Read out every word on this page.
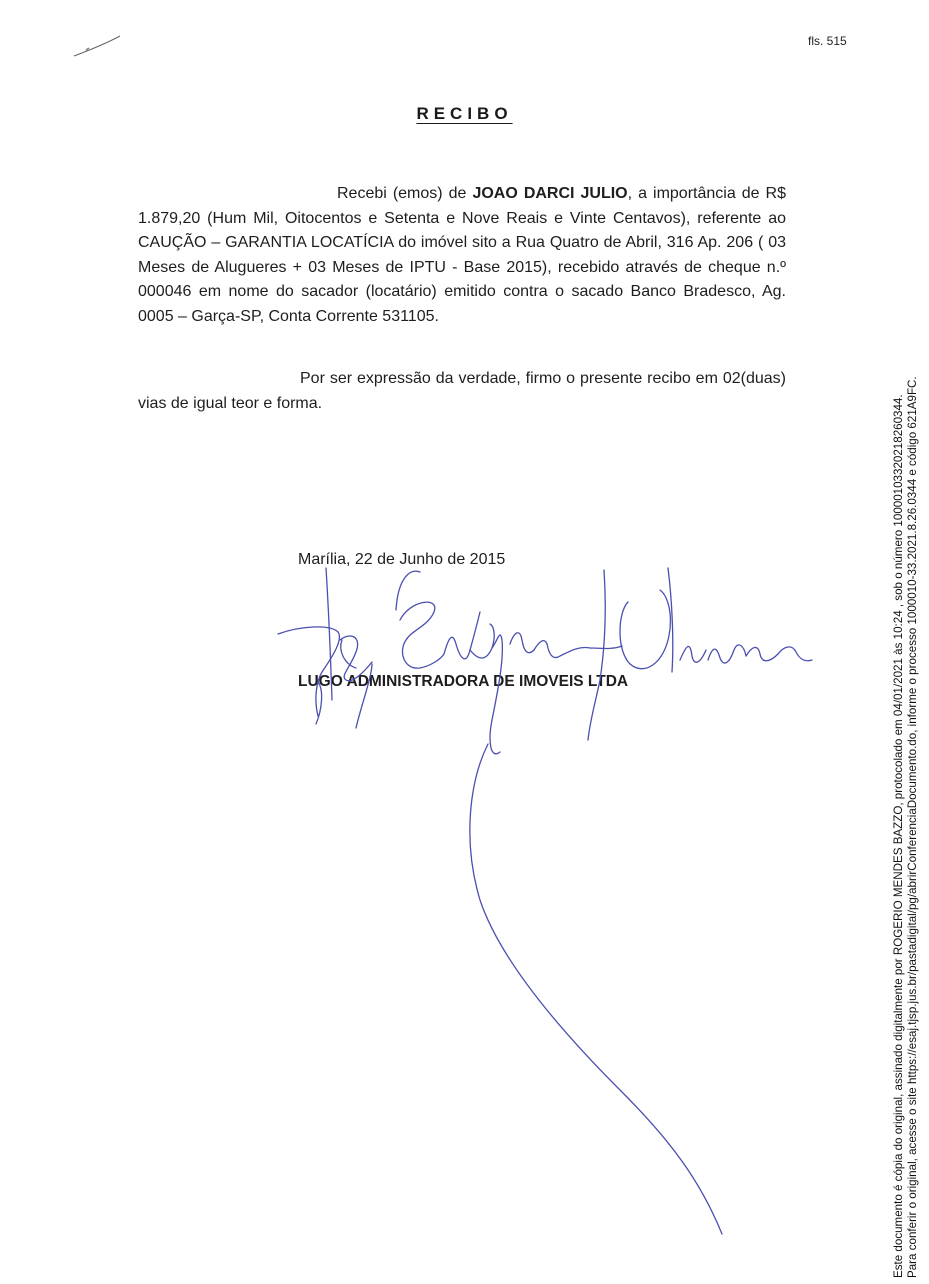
fls. 515
RECIBO
Recebi (emos) de JOAO DARCI JULIO, a importância de R$ 1.879,20 (Hum Mil, Oitocentos e Setenta e Nove Reais e Vinte Centavos), referente ao CAUÇÃO – GARANTIA LOCATÍCIA do imóvel sito a Rua Quatro de Abril, 316 Ap. 206 ( 03 Meses de Alugueres + 03 Meses de IPTU - Base 2015), recebido através de cheque n.º 000046 em nome do sacador (locatário) emitido contra o sacado Banco Bradesco, Ag. 0005 – Garça-SP, Conta Corrente 531105.
Por ser expressão da verdade, firmo o presente recibo em 02(duas) vias de igual teor e forma.
Marília, 22 de Junho de 2015
LUGO ADMINISTRADORA DE IMOVEIS LTDA	Este documento é cópia do original, assinado digitalmente por ROGERIO MENDES BAZZO, protocolado em 04/01/2021 às 10:24 , sob o número 10000103320218260344. Para conferir o original, acesse o site https://esaj.tjsp.jus.br/pastadigital/pg/abrirConferenciaDocumento.do, informe o processo 1000010-33.2021.8.26.0344 e código 621A9FC.
